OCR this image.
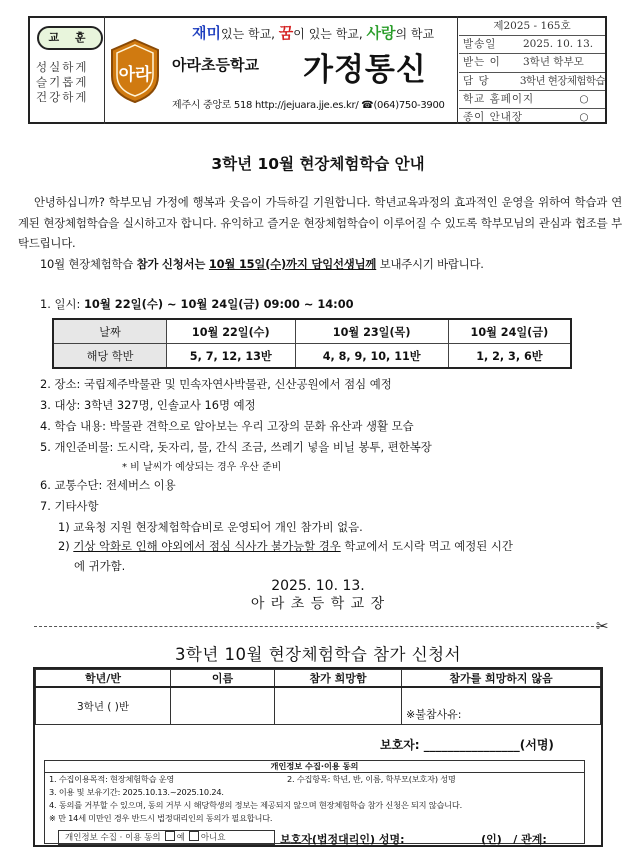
교 훈
성실하게
슬기롭게
건강하게
아라
재미있는 학교, 꿈이 있는 학교, 사랑의 학교
아라초등학교 가정통신
제주시 중앙로 518 http://jejuara.jje.es.kr/ ☎(064)750-3900
제2025 - 165호
발송일	2025. 10. 13.
받는 이	3학년 학부모
담 당	3학년 현장체험학습
학교 홈페이지	○
종이 안내장	○
3학년 10월 현장체험학습 안내
안녕하십니까? 학부모님 가정에 행복과 웃음이 가득하길 기원합니다. 학년교육과정의 효과적인 운영을 위하여 학습과 연계된 현장체험학습을 실시하고자 합니다. 유익하고 즐거운 현장체험학습이 이루어질 수 있도록 학부모님의 관심과 협조를 부탁드립니다.
10월 현장체험학습 참가 신청서는 10월 15일(수)까지 담임선생님께 보내주시기 바랍니다.
1. 일시: 10월 22일(수) ~ 10월 24일(금) 09:00 ~ 14:00
날짜	10월 22일(수)	10월 23일(목)	10월 24일(금)
해당 학반	5, 7, 12, 13반	4, 8, 9, 10, 11반	1, 2, 3, 6반
2. 장소: 국립제주박물관 및 민속자연사박물관, 신산공원에서 점심 예정
3. 대상: 3학년 327명, 인솔교사 16명 예정
4. 학습 내용: 박물관 견학으로 알아보는 우리 고장의 문화 유산과 생활 모습
5. 개인준비물: 도시락, 돗자리, 물, 간식 조금, 쓰레기 넣을 비닐 봉투, 편한복장
* 비 날씨가 예상되는 경우 우산 준비
6. 교통수단: 전세버스 이용
7. 기타사항
1) 교육청 지원 현장체험학습비로 운영되어 개인 참가비 없음.
2) 기상 악화로 인해 야외에서 점심 식사가 불가능할 경우 학교에서 도시락 먹고 예정된 시간
에 귀가함.
2025. 10. 13.
아 라 초 등 학 교 장
✂
3학년 10월 현장체험학습 참가 신청서
학년/반	이름	참가 희망함	참가를 희망하지 않음
3학년 ( )반			※불참사유:
보호자: ________________(서명)
개인정보 수집·이용 동의
1. 수집이용목적: 현장체험학습 운영	2. 수집항목: 학년, 반, 이름, 학부모(보호자) 성명
3. 이용 및 보유기간: 2025.10.13.~2025.10.24.
4. 동의를 거부할 수 있으며, 동의 거부 시 해당학생의 정보는 제공되지 않으며 현장체험학습 참가 신청은 되지 않습니다.
※ 만 14세 미만인 경우 반드시 법정대리인의 동의가 필요합니다.
개인정보 수집 · 이용 동의 예 아니요	보호자(법정대리인) 성명:                    (인)   / 관계:
